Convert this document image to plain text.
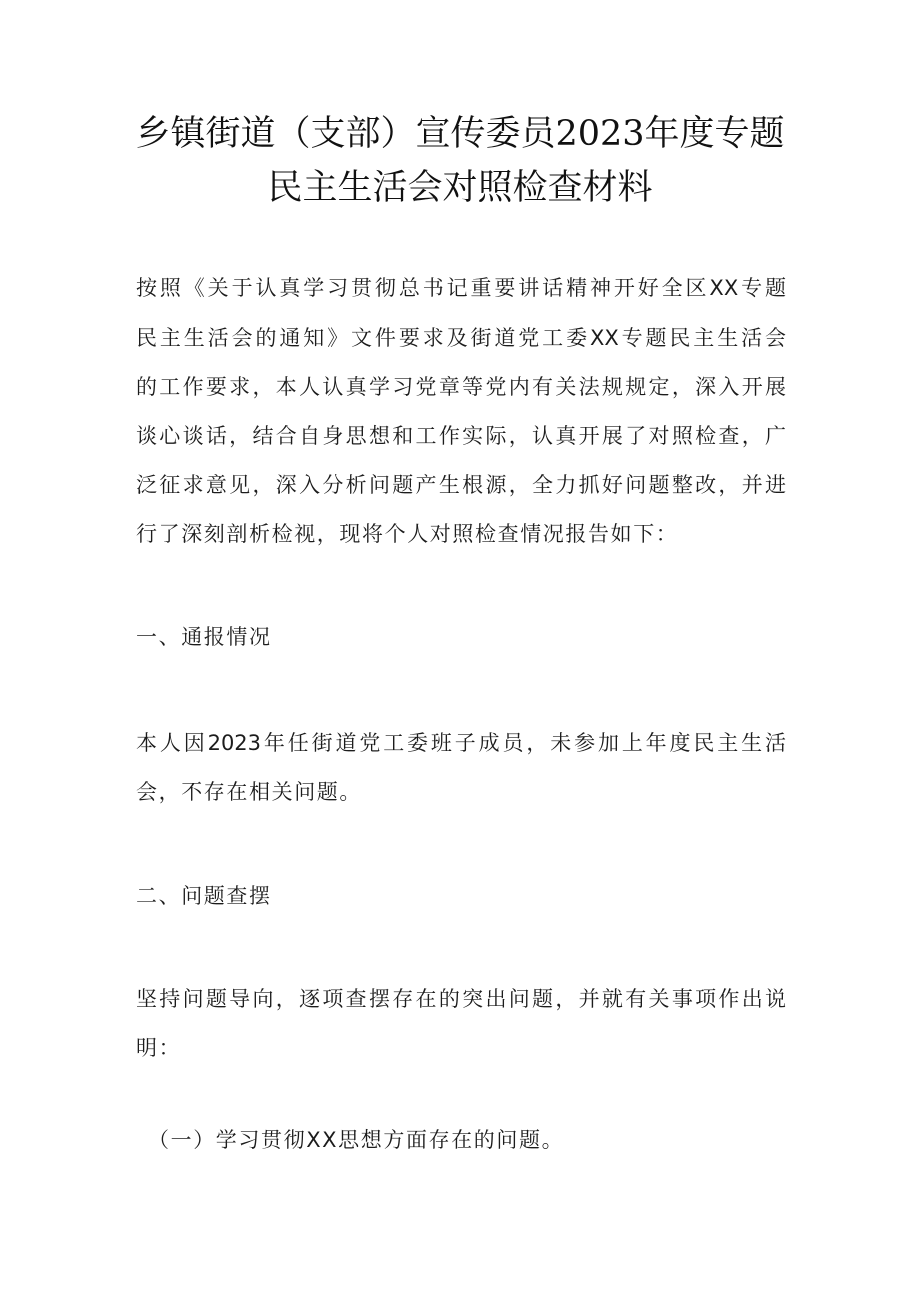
乡镇街道（支部）宣传委员2023年度专题
民主生活会对照检查材料
按照《关于认真学习贯彻总书记重要讲话精神开好全区XX专题
民主生活会的通知》文件要求及街道党工委XX专题民主生活会
的工作要求，本人认真学习党章等党内有关法规规定，深入开展
谈心谈话，结合自身思想和工作实际，认真开展了对照检查，广
泛征求意见，深入分析问题产生根源，全力抓好问题整改，并进
行了深刻剖析检视，现将个人对照检查情况报告如下：
一、通报情况
本人因2023年任街道党工委班子成员，未参加上年度民主生活
会，不存在相关问题。
二、问题查摆
坚持问题导向，逐项查摆存在的突出问题，并就有关事项作出说
明：
（一）学习贯彻XX思想方面存在的问题。
